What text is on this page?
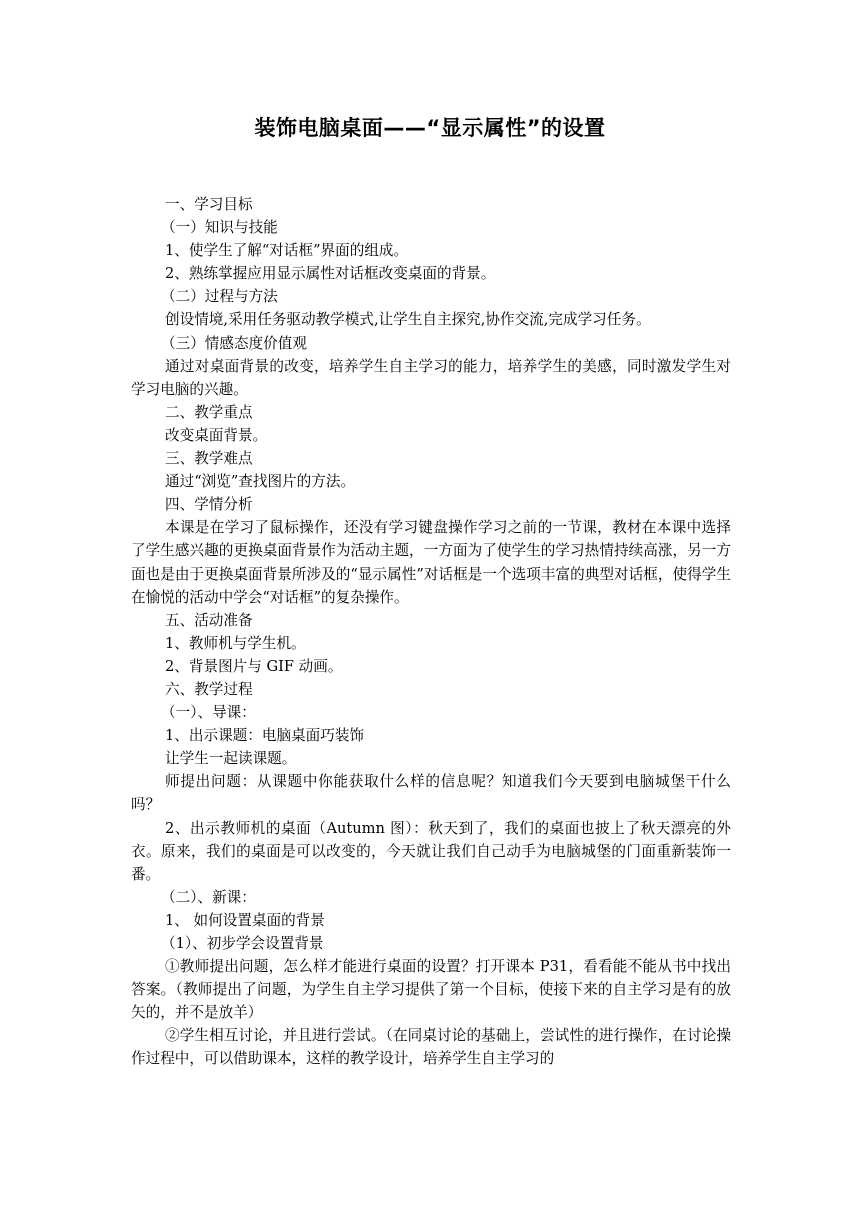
装饰电脑桌面——“显示属性”的设置

一、学习目标

（一）知识与技能

1、使学生了解“对话框”界面的组成。

2、熟练掌握应用显示属性对话框改变桌面的背景。

（二）过程与方法

创设情境,采用任务驱动教学模式,让学生自主探究,协作交流,完成学习任务。

（三）情感态度价值观

通过对桌面背景的改变，培养学生自主学习的能力，培养学生的美感，同时激发学生对学习电脑的兴趣。

二、教学重点

改变桌面背景。

三、教学难点

通过“浏览”查找图片的方法。

四、学情分析

本课是在学习了鼠标操作，还没有学习键盘操作学习之前的一节课，教材在本课中选择了学生感兴趣的更换桌面背景作为活动主题，一方面为了使学生的学习热情持续高涨，另一方面也是由于更换桌面背景所涉及的“显示属性”对话框是一个选项丰富的典型对话框，使得学生在愉悦的活动中学会“对话框”的复杂操作。

五、活动准备

1、教师机与学生机。

2、背景图片与 GIF 动画。

六、教学过程

（一）、导课：

1、出示课题：电脑桌面巧装饰

让学生一起读课题。

师提出问题：从课题中你能获取什么样的信息呢？知道我们今天要到电脑城堡干什么吗？

2、出示教师机的桌面（Autumn 图）：秋天到了，我们的桌面也披上了秋天漂亮的外衣。原来，我们的桌面是可以改变的，今天就让我们自己动手为电脑城堡的门面重新装饰一番。

（二）、新课：

1、 如何设置桌面的背景

（1）、初步学会设置背景

①教师提出问题，怎么样才能进行桌面的设置？打开课本 P31，看看能不能从书中找出答案。（教师提出了问题，为学生自主学习提供了第一个目标，使接下来的自主学习是有的放矢的，并不是放羊）

②学生相互讨论，并且进行尝试。（在同桌讨论的基础上，尝试性的进行操作，在讨论操作过程中，可以借助课本，这样的教学设计，培养学生自主学习的
